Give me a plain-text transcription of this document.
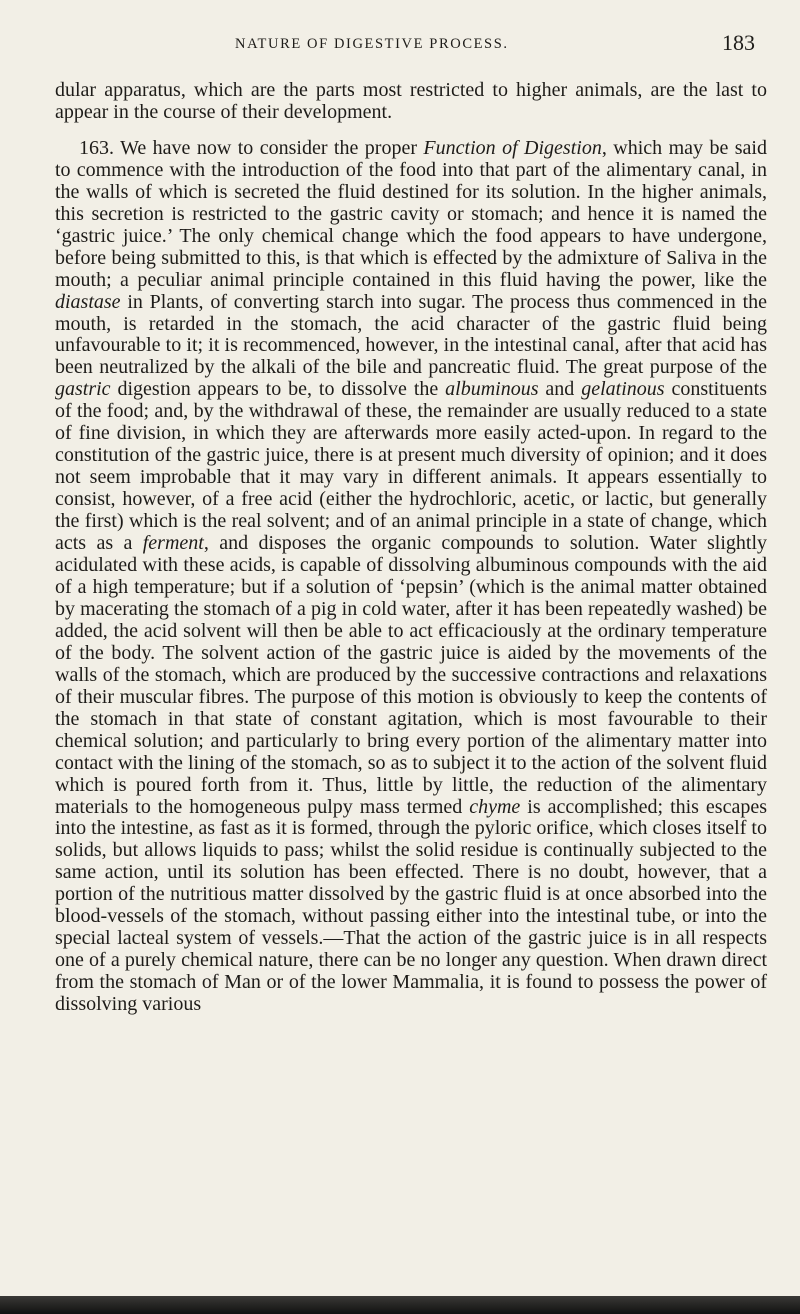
NATURE OF DIGESTIVE PROCESS.	183

dular apparatus, which are the parts most restricted to higher animals, are the last to appear in the course of their development.

163. We have now to consider the proper Function of Digestion, which may be said to commence with the introduction of the food into that part of the alimentary canal, in the walls of which is secreted the fluid destined for its solution. In the higher animals, this secretion is restricted to the gastric cavity or stomach; and hence it is named the ‘gastric juice.’ The only chemical change which the food appears to have undergone, before being submitted to this, is that which is effected by the admixture of Saliva in the mouth; a peculiar animal principle contained in this fluid having the power, like the diastase in Plants, of converting starch into sugar. The process thus commenced in the mouth, is retarded in the stomach, the acid character of the gastric fluid being unfavourable to it; it is recommenced, however, in the intestinal canal, after that acid has been neutralized by the alkali of the bile and pancreatic fluid. The great purpose of the gastric digestion appears to be, to dissolve the albuminous and gelatinous constituents of the food; and, by the withdrawal of these, the remainder are usually reduced to a state of fine division, in which they are afterwards more easily acted-upon. In regard to the constitution of the gastric juice, there is at present much diversity of opinion; and it does not seem improbable that it may vary in different animals. It appears essentially to consist, however, of a free acid (either the hydrochloric, acetic, or lactic, but generally the first) which is the real solvent; and of an animal principle in a state of change, which acts as a ferment, and disposes the organic compounds to solution. Water slightly acidulated with these acids, is capable of dissolving albuminous compounds with the aid of a high temperature; but if a solution of ‘pepsin’ (which is the animal matter obtained by macerating the stomach of a pig in cold water, after it has been repeatedly washed) be added, the acid solvent will then be able to act efficaciously at the ordinary temperature of the body. The solvent action of the gastric juice is aided by the movements of the walls of the stomach, which are produced by the successive contractions and relaxations of their muscular fibres. The purpose of this motion is obviously to keep the contents of the stomach in that state of constant agitation, which is most favourable to their chemical solution; and particularly to bring every portion of the alimentary matter into contact with the lining of the stomach, so as to subject it to the action of the solvent fluid which is poured forth from it. Thus, little by little, the reduction of the alimentary materials to the homogeneous pulpy mass termed chyme is accomplished; this escapes into the intestine, as fast as it is formed, through the pyloric orifice, which closes itself to solids, but allows liquids to pass; whilst the solid residue is continually subjected to the same action, until its solution has been effected. There is no doubt, however, that a portion of the nutritious matter dissolved by the gastric fluid is at once absorbed into the blood-vessels of the stomach, without passing either into the intestinal tube, or into the special lacteal system of vessels.—That the action of the gastric juice is in all respects one of a purely chemical nature, there can be no longer any question. When drawn direct from the stomach of Man or of the lower Mammalia, it is found to possess the power of dissolving various
